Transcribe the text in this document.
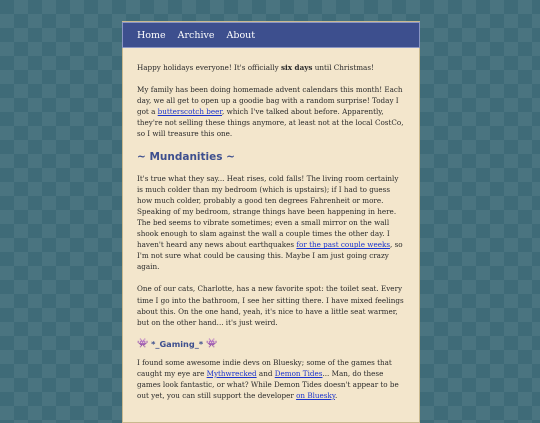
Home Archive About

Happy holidays everyone! It's officially six days until Christmas!

My family has been doing homemade advent calendars this month! Each day, we all get to open up a goodie bag with a random surprise! Today I got a butterscotch beer, which I've talked about before. Apparently, they're not selling these things anymore, at least not at the local CostCo, so I will treasure this one.

~ Mundanities ~

It's true what they say... Heat rises, cold falls! The living room certainly is much colder than my bedroom (which is upstairs); if I had to guess how much colder, probably a good ten degrees Fahrenheit or more. Speaking of my bedroom, strange things have been happening in here. The bed seems to vibrate sometimes; even a small mirror on the wall shook enough to slam against the wall a couple times the other day. I haven't heard any news about earthquakes for the past couple weeks, so I'm not sure what could be causing this. Maybe I am just going crazy again.

One of our cats, Charlotte, has a new favorite spot: the toilet seat. Every time I go into the bathroom, I see her sitting there. I have mixed feelings about this. On the one hand, yeah, it's nice to have a little seat warmer, but on the other hand... it's just weird.

👾
*_Gaming_*
👾

I found some awesome indie devs on Bluesky; some of the games that caught my eye are Mythwrecked and Demon Tides... Man, do these games look fantastic, or what? While Demon Tides doesn't appear to be out yet, you can still support the developer on Bluesky.
